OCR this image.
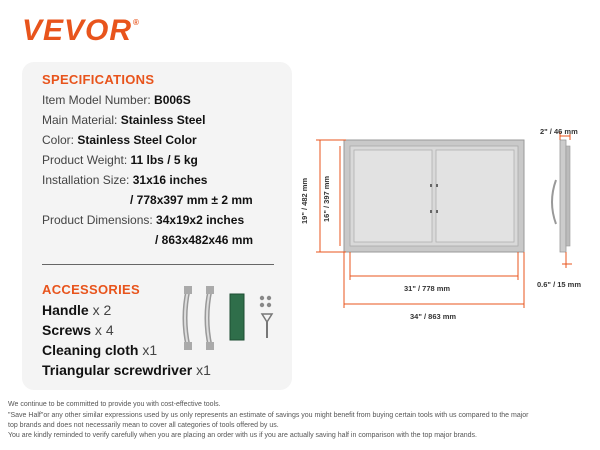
VEVOR®
SPECIFICATIONS
Item Model Number: B006S
Main Material: Stainless Steel
Color: Stainless Steel Color
Product Weight: 11 lbs / 5 kg
Installation Size: 31x16 inches
/ 778x397 mm ± 2 mm
Product Dimensions: 34x19x2 inches
/ 863x482x46 mm
ACCESSORIES
Handle x 2
Screws x 4
Cleaning cloth x1
Triangular screwdriver x1
19" / 482 mm 16" / 397 mm
31" / 778 mm
34" / 863 mm
2" / 46 mm
0.6" / 15 mm
We continue to be committed to provide you with cost-effective tools.
"Save Half"or any other similar expressions used by us only represents an estimate of savings you might benefit from buying certain tools with us compared to the major
top brands and does not necessarily mean to cover all categories of tools offered by us.
You are kindly reminded to verify carefully when you are placing an order with us if you are actually saving half in comparison with the top major brands.
